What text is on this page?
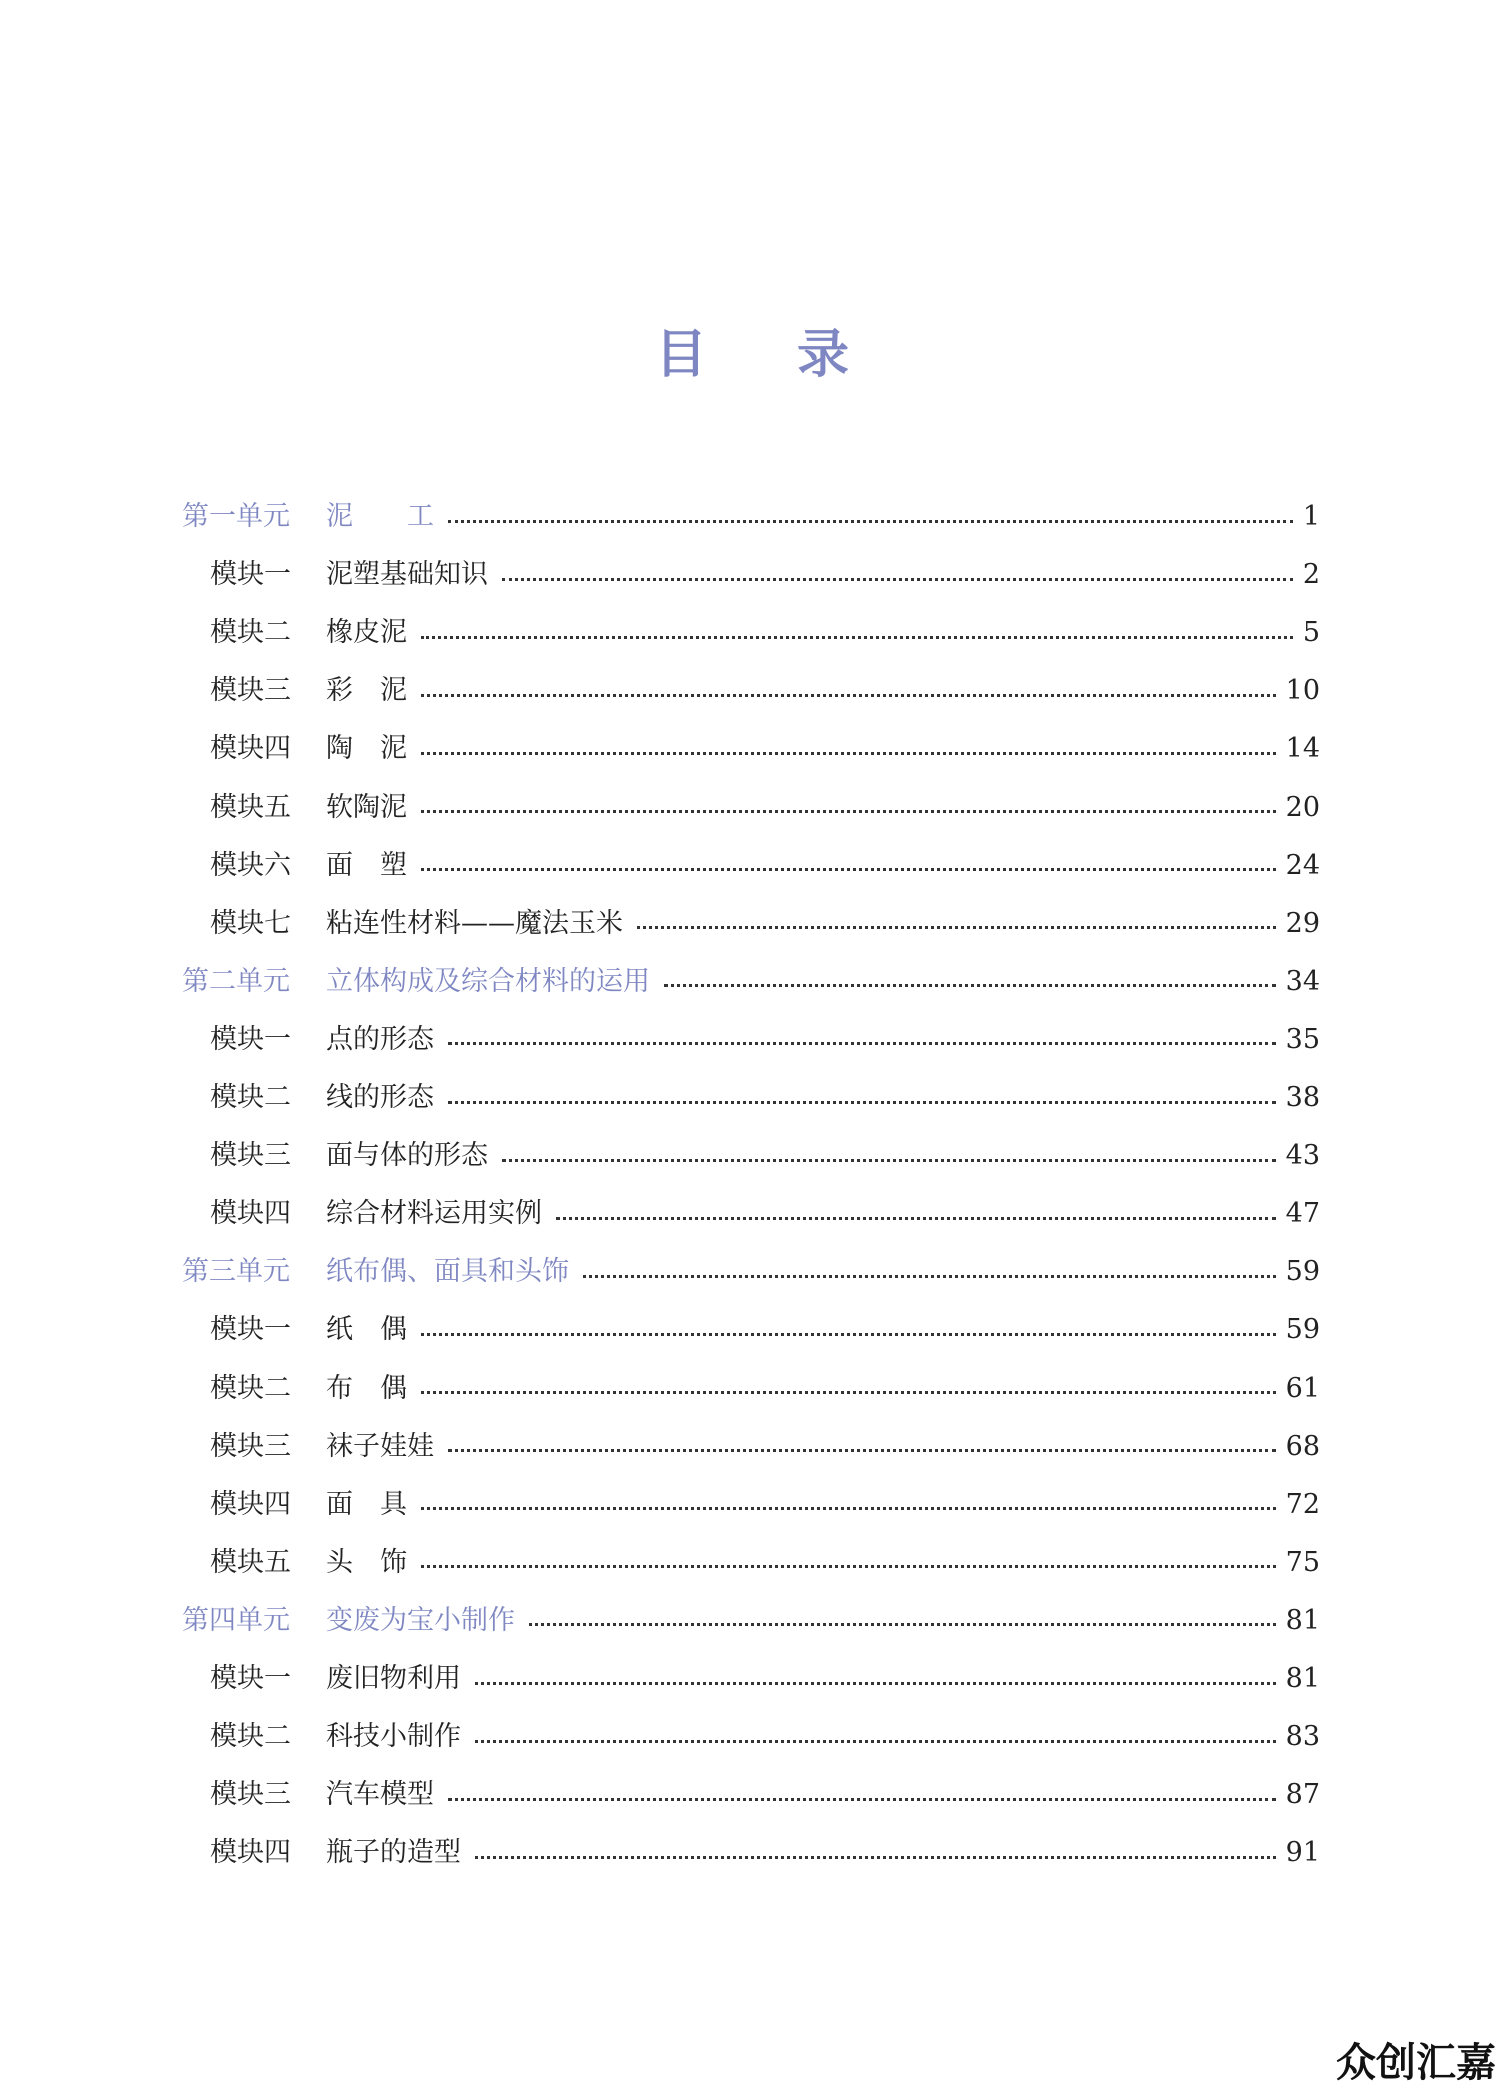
目 录
第一单元	泥　　工	1
模块一	泥塑基础知识	2
模块二	橡皮泥	5
模块三	彩　泥	10
模块四	陶　泥	14
模块五	软陶泥	20
模块六	面　塑	24
模块七	粘连性材料——魔法玉米	29
第二单元	立体构成及综合材料的运用	34
模块一	点的形态	35
模块二	线的形态	38
模块三	面与体的形态	43
模块四	综合材料运用实例	47
第三单元	纸布偶、面具和头饰	59
模块一	纸　偶	59
模块二	布　偶	61
模块三	袜子娃娃	68
模块四	面　具	72
模块五	头　饰	75
第四单元	变废为宝小制作	81
模块一	废旧物利用	81
模块二	科技小制作	83
模块三	汽车模型	87
模块四	瓶子的造型	91
众创汇嘉
